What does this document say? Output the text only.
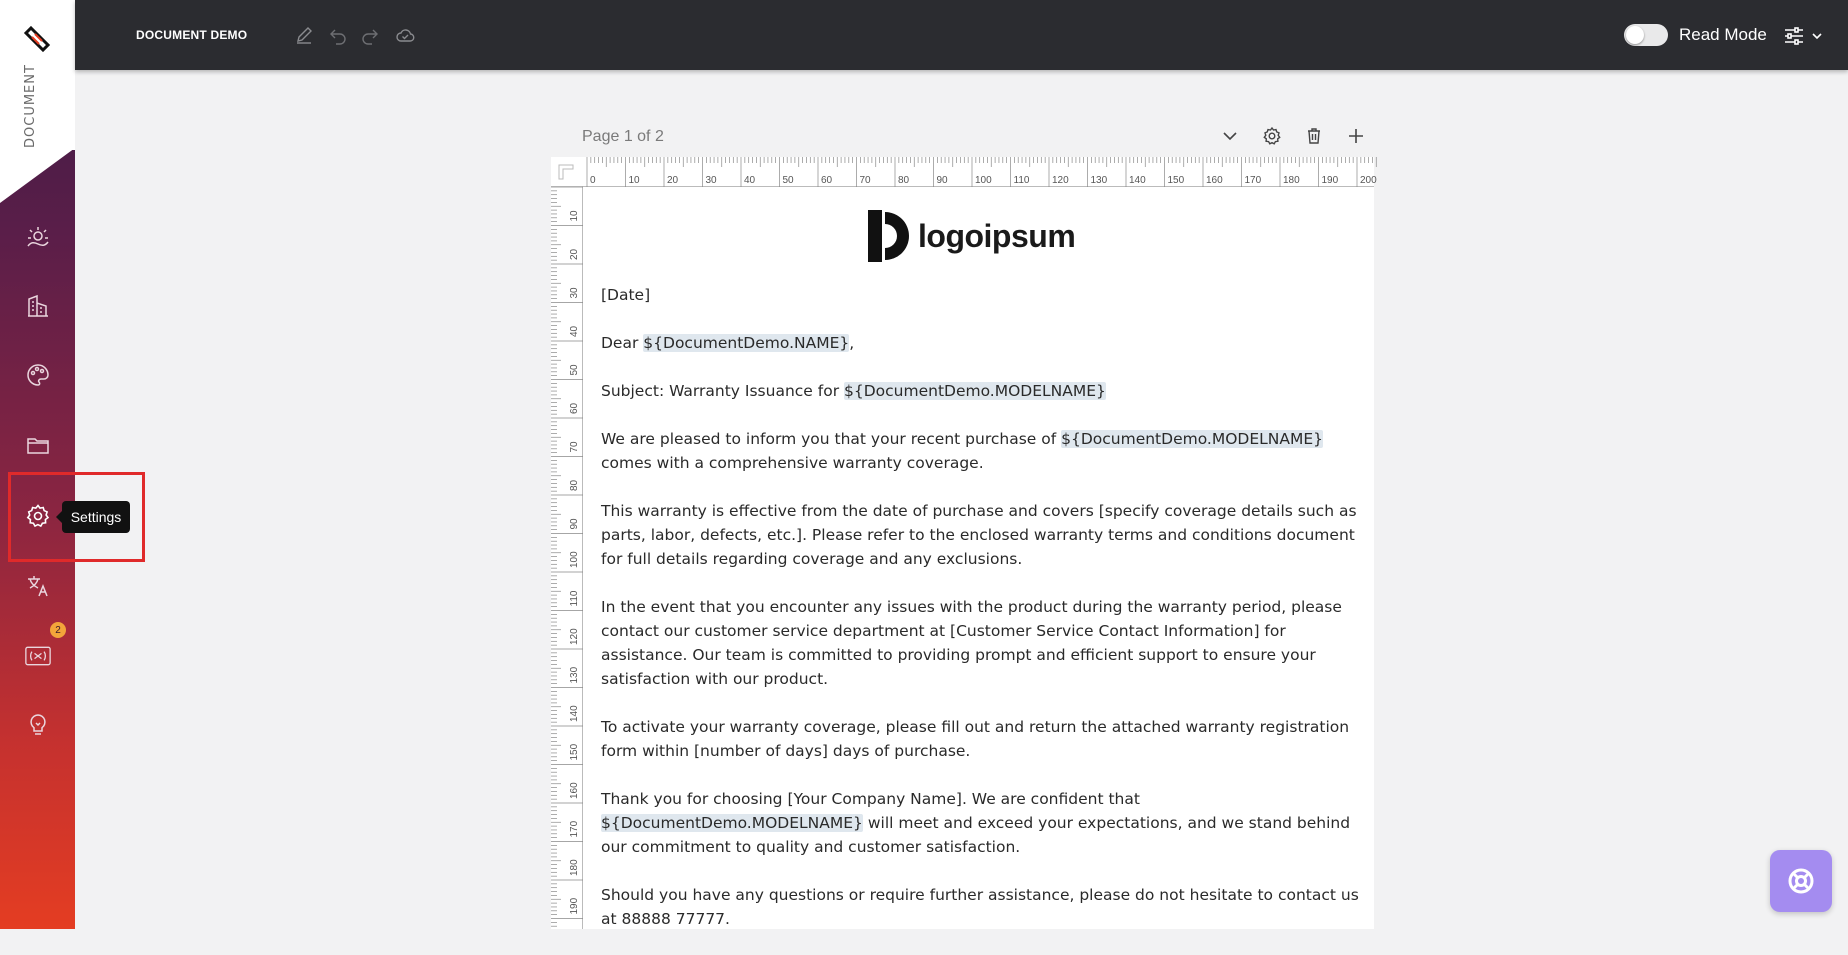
DOCUMENT
2
Settings
DOCUMENT DEMO	Read Mode
Page 1 of 2
0	10	20	30	40	50	60	70	80	90	100 110 120 130 140 150 160 170 180 190 200
10
20
30
40
50
60
70
80
90
100
110
120
130
140
150
160
170
180
190
logoipsum

[Date]

Dear ${DocumentDemo.NAME},

Subject: Warranty Issuance for ${DocumentDemo.MODELNAME}

We are pleased to inform you that your recent purchase of ${DocumentDemo.MODELNAME} comes with a comprehensive warranty coverage.

This warranty is effective from the date of purchase and covers [specify coverage details such as parts, labor, defects, etc.]. Please refer to the enclosed warranty terms and conditions document for full details regarding coverage and any exclusions.

In the event that you encounter any issues with the product during the warranty period, please contact our customer service department at [Customer Service Contact Information] for assistance. Our team is committed to providing prompt and efficient support to ensure your satisfaction with our product.

To activate your warranty coverage, please fill out and return the attached warranty registration form within [number of days] days of purchase.

Thank you for choosing [Your Company Name]. We are confident that ${DocumentDemo.MODELNAME} will meet and exceed your expectations, and we stand behind our commitment to quality and customer satisfaction.

Should you have any questions or require further assistance, please do not hesitate to contact us at 88888 77777.
